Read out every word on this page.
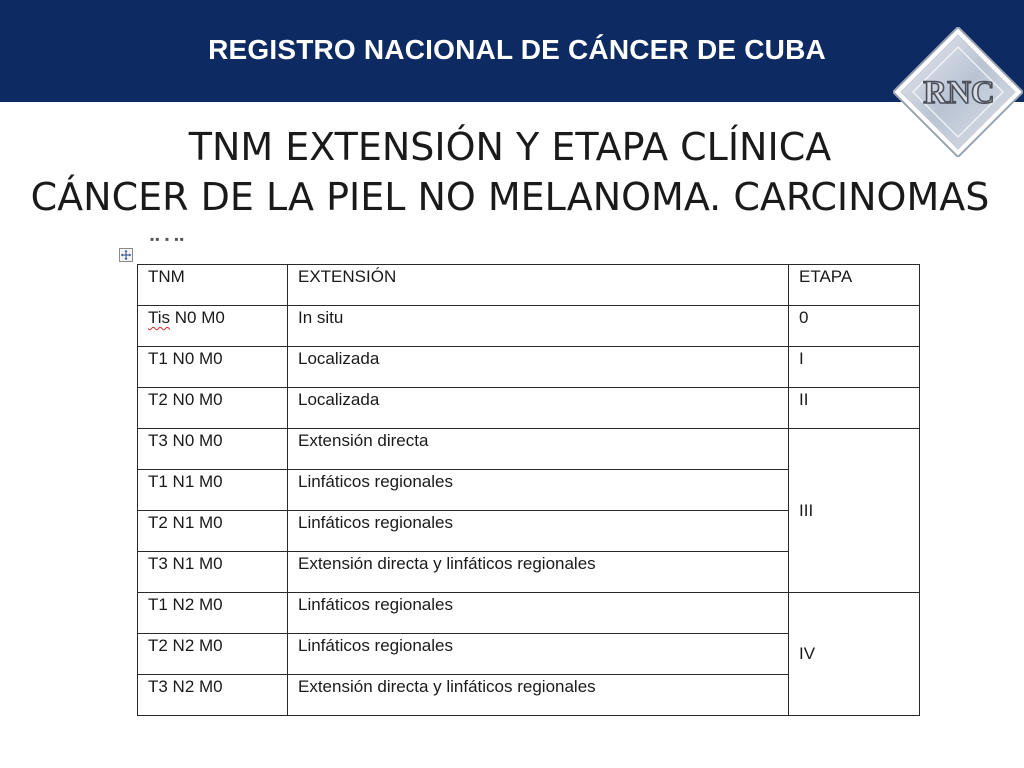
REGISTRO NACIONAL DE CÁNCER DE CUBA
RNC
TNM EXTENSIÓN Y ETAPA CLÍNICA
CÁNCER DE LA PIEL NO MELANOMA. CARCINOMAS
▪▪ ▪ ▪▪
TNM	EXTENSIÓN	ETAPA
Tis N0 M0	In situ	0
T1 N0 M0	Localizada	I
T2 N0 M0	Localizada	II
T3 N0 M0	Extensión directa	III
T1 N1 M0	Linfáticos regionales	
T2 N1 M0	Linfáticos regionales	
T3 N1 M0	Extensión directa y linfáticos regionales	
T1 N2 M0	Linfáticos regionales	IV
T2 N2 M0	Linfáticos regionales	
T3 N2 M0	Extensión directa y linfáticos regionales	
